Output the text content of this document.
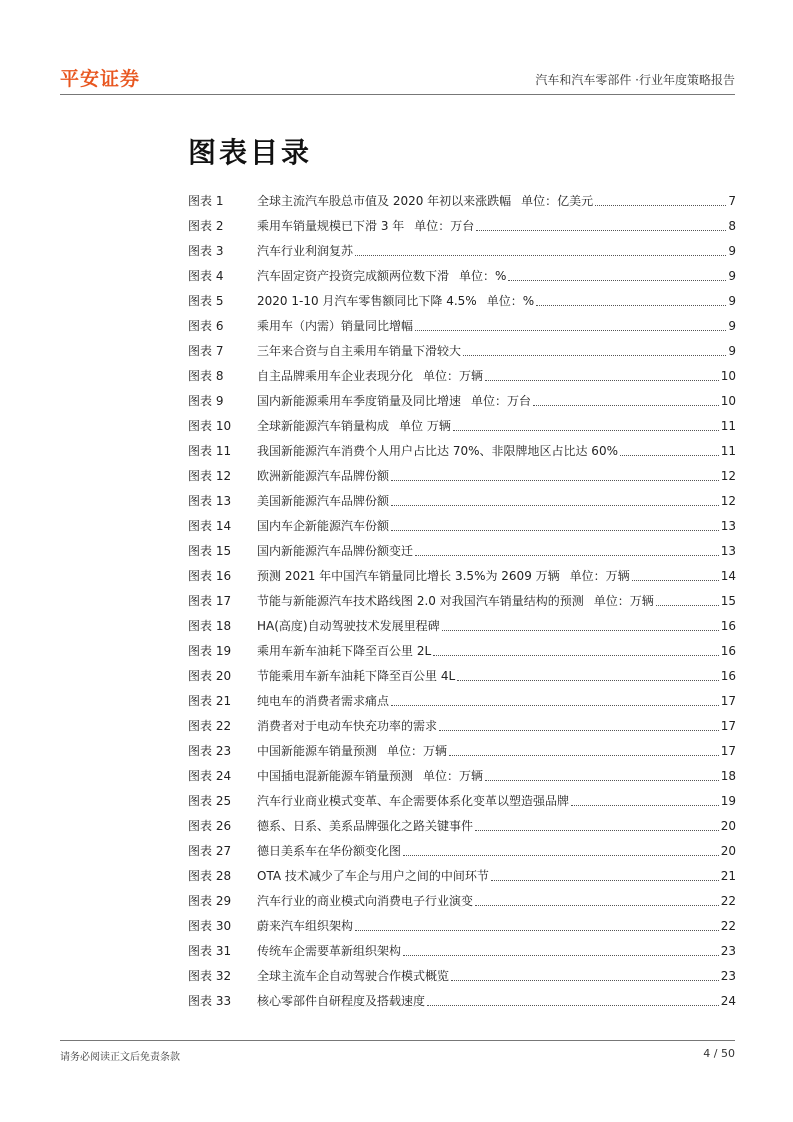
平安证券	汽车和汽车零部件 ·行业年度策略报告
图表目录
图表 1	全球主流汽车股总市值及 2020 年初以来涨跌幅 单位：亿美元	7
图表 2	乘用车销量规模已下滑 3 年 单位：万台	8
图表 3	汽车行业利润复苏	9
图表 4	汽车固定资产投资完成额两位数下滑 单位：%	9
图表 5	2020 1-10 月汽车零售额同比下降 4.5% 单位：%	9
图表 6	乘用车（内需）销量同比增幅	9
图表 7	三年来合资与自主乘用车销量下滑较大	9
图表 8	自主品牌乘用车企业表现分化 单位：万辆	10
图表 9	国内新能源乘用车季度销量及同比增速 单位：万台	10
图表 10	全球新能源汽车销量构成 单位 万辆	11
图表 11	我国新能源汽车消费个人用户占比达 70%、非限牌地区占比达 60%	11
图表 12	欧洲新能源汽车品牌份额	12
图表 13	美国新能源汽车品牌份额	12
图表 14	国内车企新能源汽车份额	13
图表 15	国内新能源汽车品牌份额变迁	13
图表 16	预测 2021 年中国汽车销量同比增长 3.5%为 2609 万辆 单位：万辆	14
图表 17	节能与新能源汽车技术路线图 2.0 对我国汽车销量结构的预测 单位：万辆	15
图表 18	HA(高度)自动驾驶技术发展里程碑	16
图表 19	乘用车新车油耗下降至百公里 2L	16
图表 20	节能乘用车新车油耗下降至百公里 4L	16
图表 21	纯电车的消费者需求痛点	17
图表 22	消费者对于电动车快充功率的需求	17
图表 23	中国新能源车销量预测 单位：万辆	17
图表 24	中国插电混新能源车销量预测 单位：万辆	18
图表 25	汽车行业商业模式变革、车企需要体系化变革以塑造强品牌	19
图表 26	德系、日系、美系品牌强化之路关键事件	20
图表 27	德日美系车在华份额变化图	20
图表 28	OTA 技术减少了车企与用户之间的中间环节	21
图表 29	汽车行业的商业模式向消费电子行业演变	22
图表 30	蔚来汽车组织架构	22
图表 31	传统车企需要革新组织架构	23
图表 32	全球主流车企自动驾驶合作模式概览	23
图表 33	核心零部件自研程度及搭载速度	24
请务必阅读正文后免责条款	4 / 50
